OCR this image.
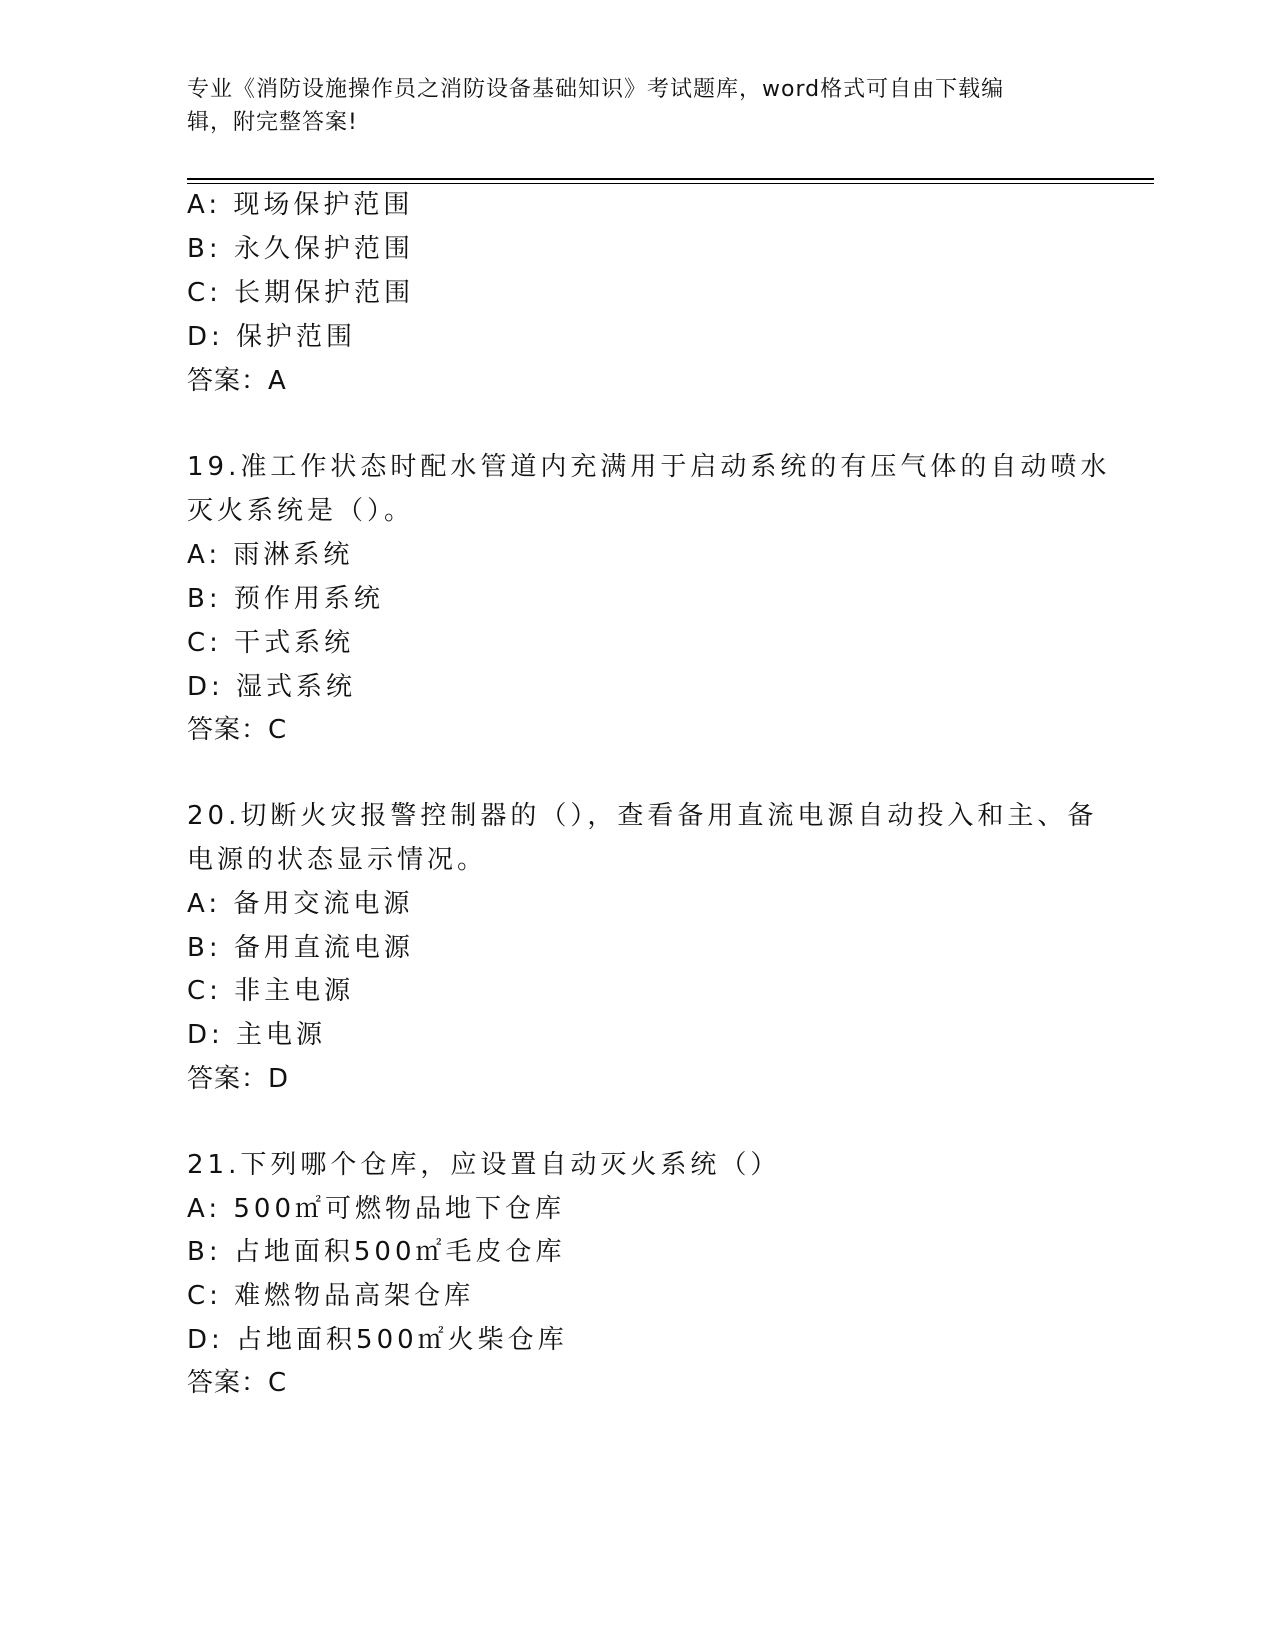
专业《消防设施操作员之消防设备基础知识》考试题库，word格式可自由下载编
辑，附完整答案!
A: 现场保护范围
B: 永久保护范围
C: 长期保护范围
D: 保护范围
答案：A
19.准工作状态时配水管道内充满用于启动系统的有压气体的自动喷水
灭火系统是（）。
A: 雨淋系统
B: 预作用系统
C: 干式系统
D: 湿式系统
答案：C
20.切断火灾报警控制器的（），查看备用直流电源自动投入和主、备
电源的状态显示情况。
A: 备用交流电源
B: 备用直流电源
C: 非主电源
D: 主电源
答案：D
21.下列哪个仓库，应设置自动灭火系统（）
A: 500㎡可燃物品地下仓库
B: 占地面积500㎡毛皮仓库
C: 难燃物品高架仓库
D: 占地面积500㎡火柴仓库
答案：C
